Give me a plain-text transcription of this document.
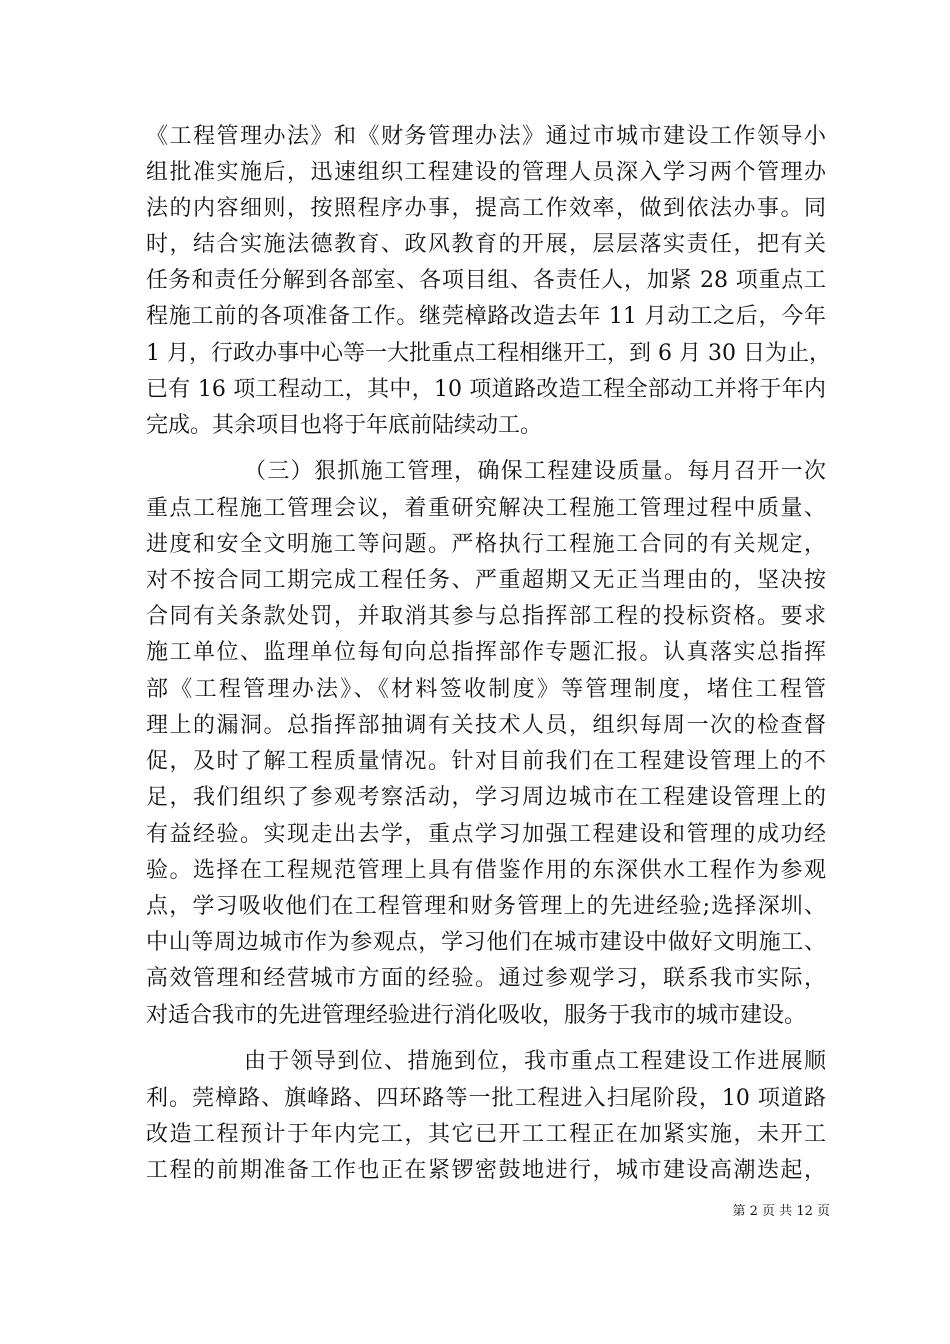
《工程管理办法》和《财务管理办法》通过市城市建设工作领导小
组批准实施后，迅速组织工程建设的管理人员深入学习两个管理办
法的内容细则，按照程序办事，提高工作效率，做到依法办事。同
时，结合实施法德教育、政风教育的开展，层层落实责任，把有关
任务和责任分解到各部室、各项目组、各责任人，加紧 28 项重点工
程施工前的各项准备工作。继莞樟路改造去年 11 月动工之后，今年
1 月，行政办事中心等一大批重点工程相继开工，到 6 月 30 日为止，
已有 16 项工程动工，其中，10 项道路改造工程全部动工并将于年内
完成。其余项目也将于年底前陆续动工。
（三）狠抓施工管理，确保工程建设质量。每月召开一次
重点工程施工管理会议，着重研究解决工程施工管理过程中质量、
进度和安全文明施工等问题。严格执行工程施工合同的有关规定，
对不按合同工期完成工程任务、严重超期又无正当理由的，坚决按
合同有关条款处罚，并取消其参与总指挥部工程的投标资格。要求
施工单位、监理单位每旬向总指挥部作专题汇报。认真落实总指挥
部《工程管理办法》、《材料签收制度》等管理制度，堵住工程管
理上的漏洞。总指挥部抽调有关技术人员，组织每周一次的检查督
促，及时了解工程质量情况。针对目前我们在工程建设管理上的不
足，我们组织了参观考察活动，学习周边城市在工程建设管理上的
有益经验。实现走出去学，重点学习加强工程建设和管理的成功经
验。选择在工程规范管理上具有借鉴作用的东深供水工程作为参观
点，学习吸收他们在工程管理和财务管理上的先进经验;选择深圳、
中山等周边城市作为参观点，学习他们在城市建设中做好文明施工、
高效管理和经营城市方面的经验。通过参观学习，联系我市实际，
对适合我市的先进管理经验进行消化吸收，服务于我市的城市建设。
由于领导到位、措施到位，我市重点工程建设工作进展顺
利。莞樟路、旗峰路、四环路等一批工程进入扫尾阶段，10 项道路
改造工程预计于年内完工，其它已开工工程正在加紧实施，未开工
工程的前期准备工作也正在紧锣密鼓地进行，城市建设高潮迭起，
第 2 页 共 12 页
